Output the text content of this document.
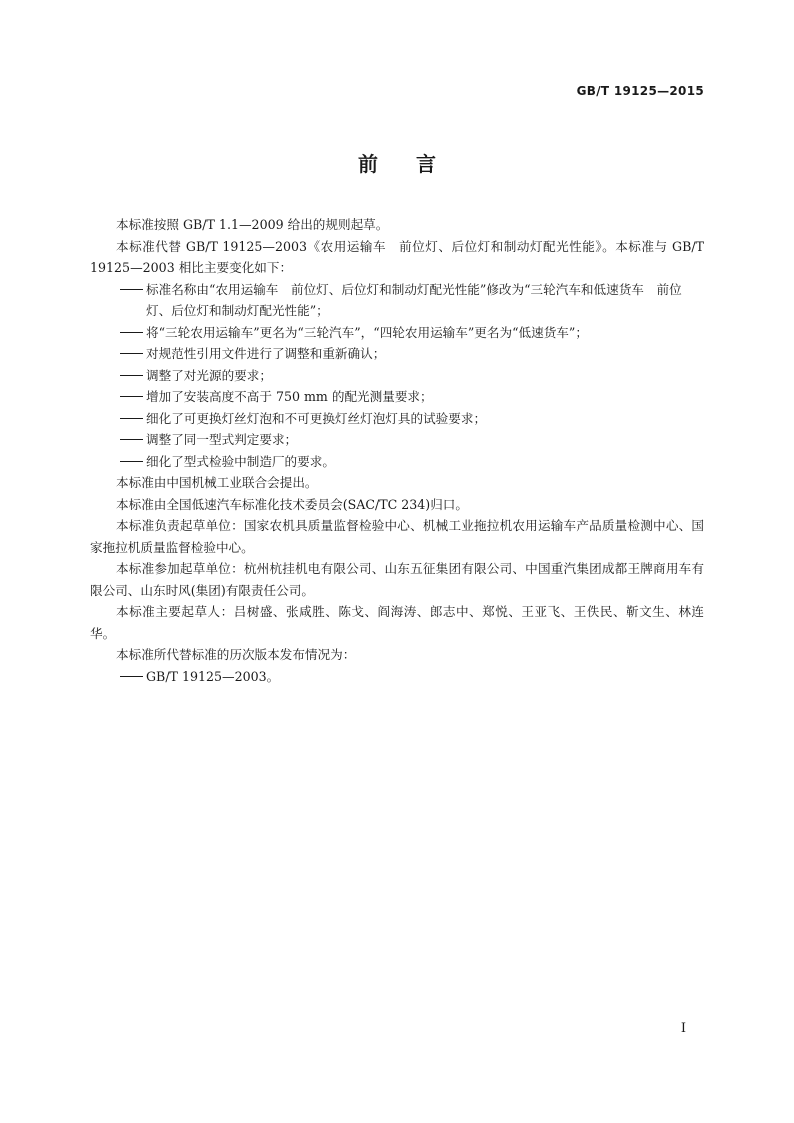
GB/T 19125—2015
前言

本标准按照 GB/T 1.1—2009 给出的规则起草。

本标准代替 GB/T 19125—2003《农用运输车　前位灯、后位灯和制动灯配光性能》。本标准与 GB/T 19125—2003 相比主要变化如下：

标准名称由“农用运输车　前位灯、后位灯和制动灯配光性能”修改为“三轮汽车和低速货车　前位灯、后位灯和制动灯配光性能”；

将“三轮农用运输车”更名为“三轮汽车”，“四轮农用运输车”更名为“低速货车”；

对规范性引用文件进行了调整和重新确认；

调整了对光源的要求；

增加了安装高度不高于 750 mm 的配光测量要求；

细化了可更换灯丝灯泡和不可更换灯丝灯泡灯具的试验要求；

调整了同一型式判定要求；

细化了型式检验中制造厂的要求。

本标准由中国机械工业联合会提出。

本标准由全国低速汽车标准化技术委员会(SAC/TC 234)归口。

本标准负责起草单位：国家农机具质量监督检验中心、机械工业拖拉机农用运输车产品质量检测中心、国家拖拉机质量监督检验中心。

本标准参加起草单位：杭州杭挂机电有限公司、山东五征集团有限公司、中国重汽集团成都王牌商用车有限公司、山东时风(集团)有限责任公司。

本标准主要起草人：吕树盛、张咸胜、陈戈、阎海涛、郎志中、郑悦、王亚飞、王佚民、靳文生、林连华。

本标准所代替标准的历次版本发布情况为：

GB/T 19125—2003。

I
